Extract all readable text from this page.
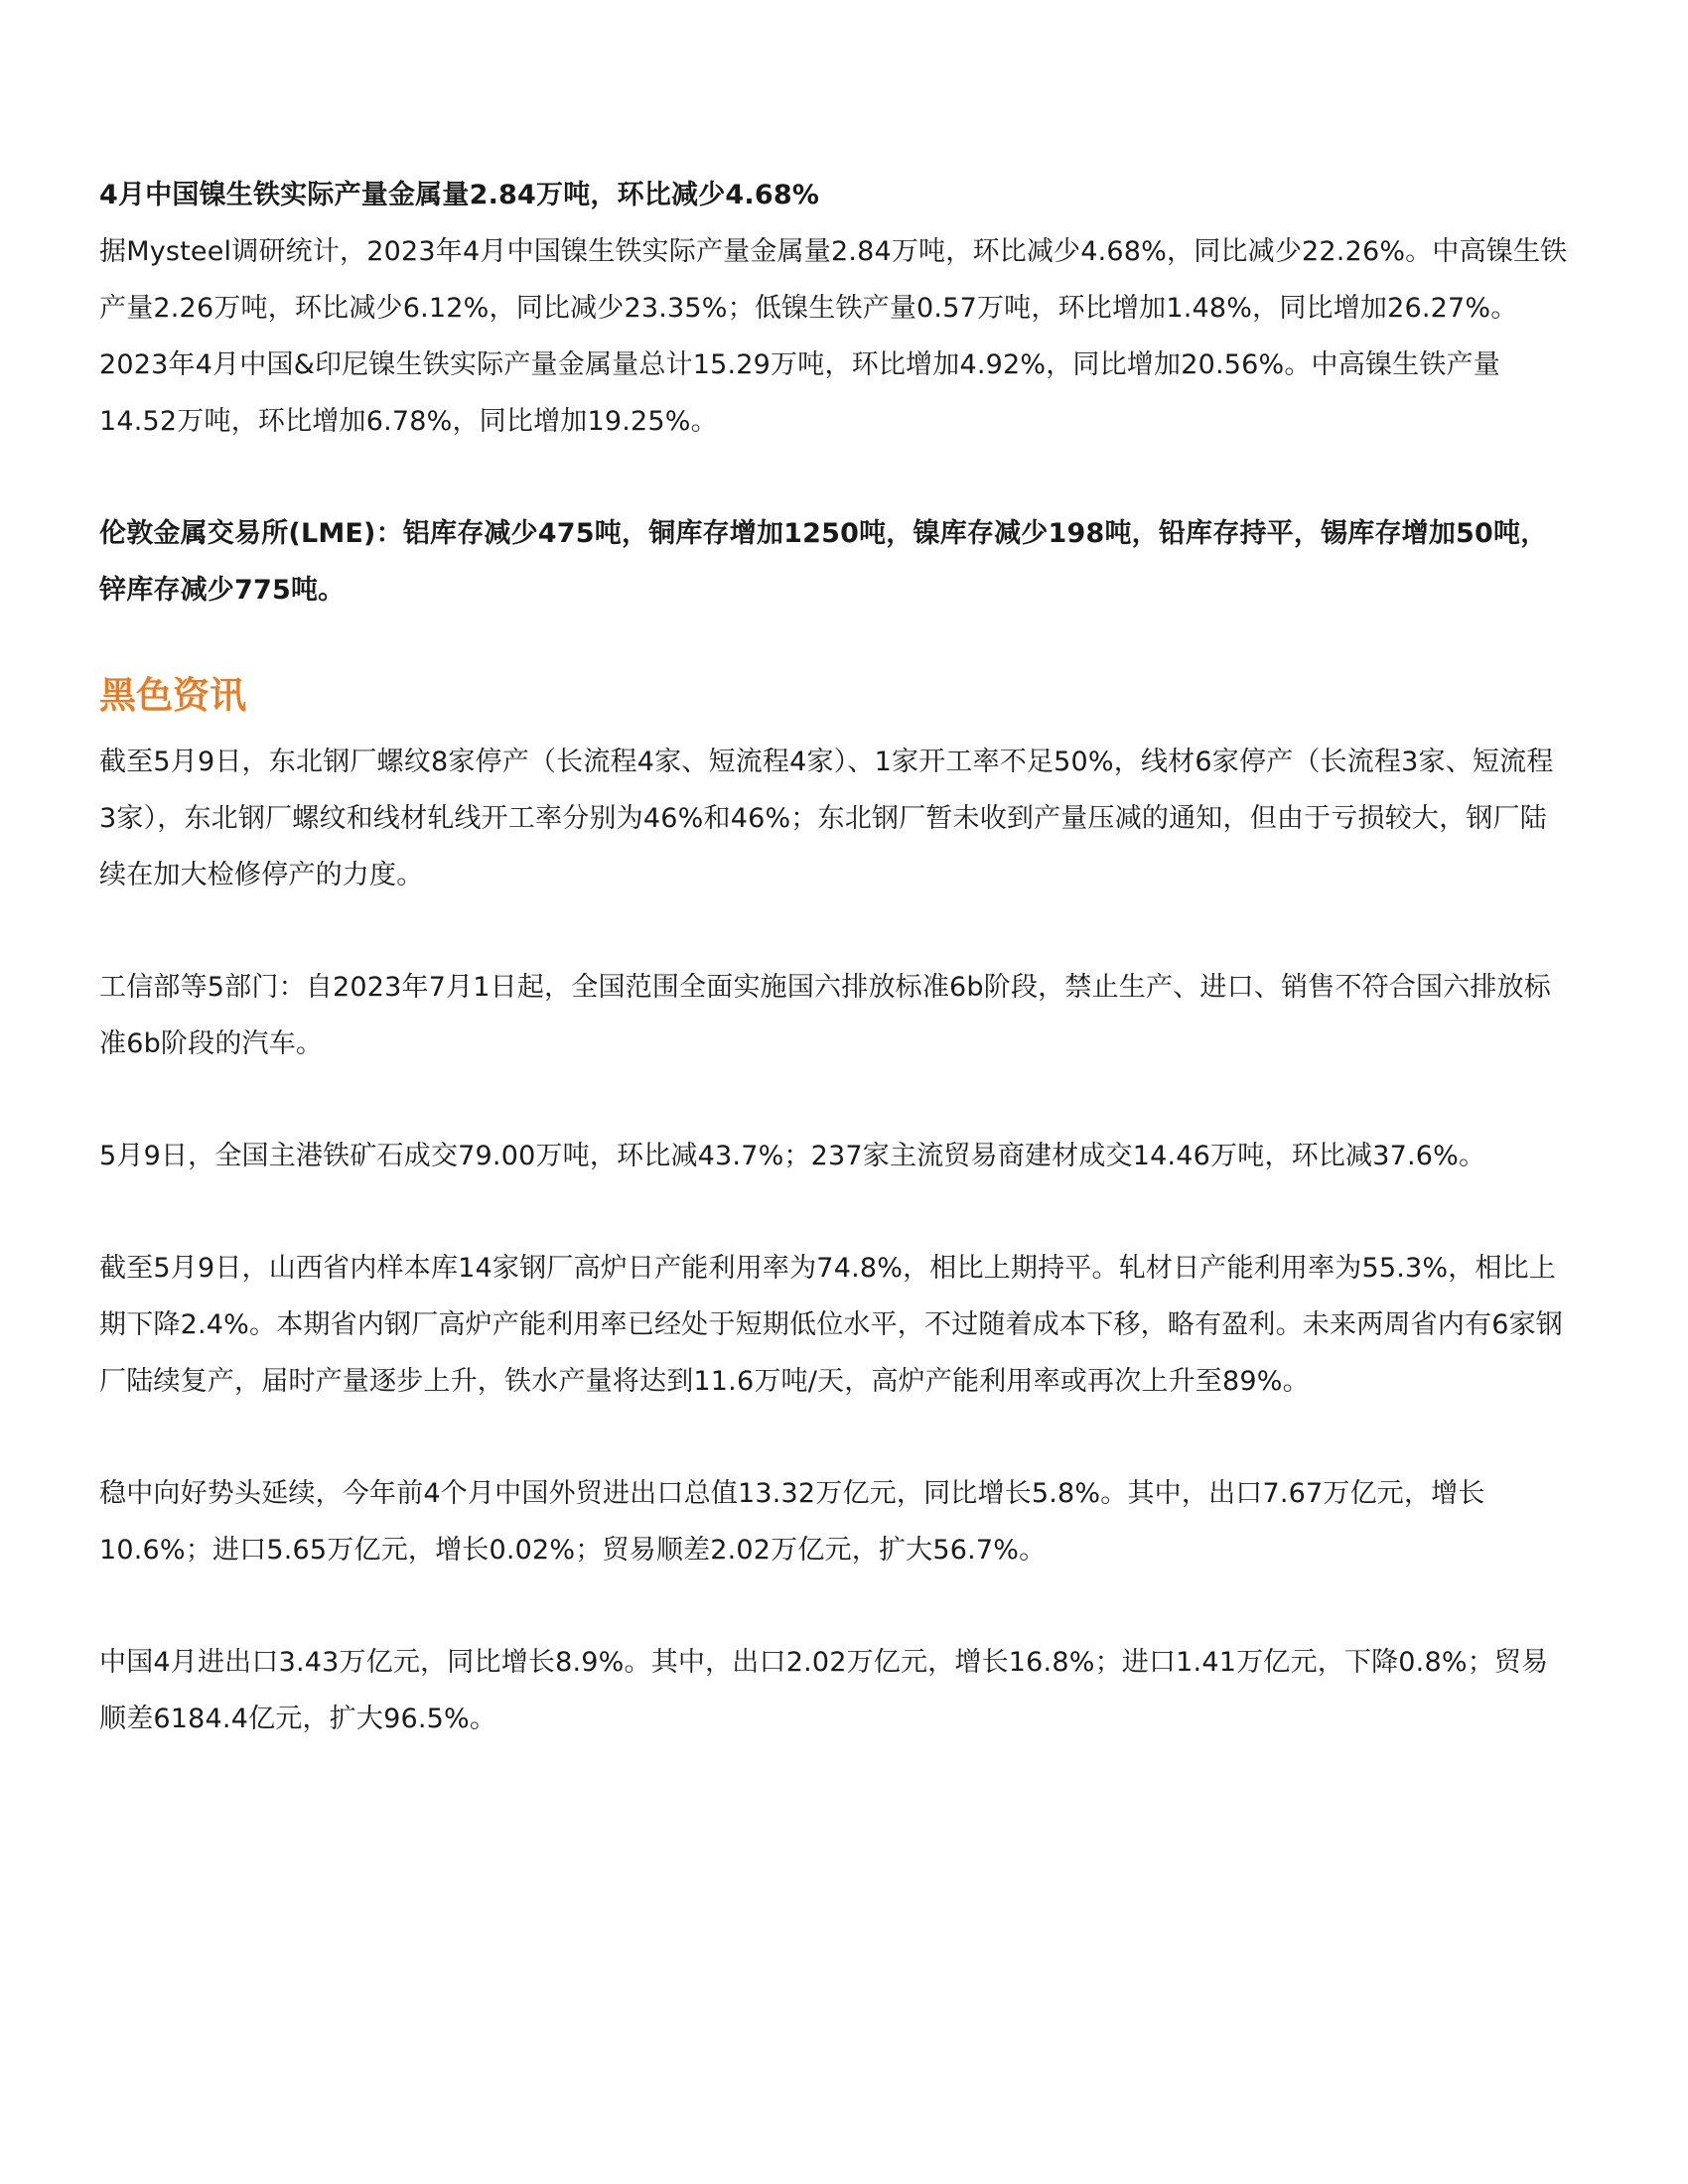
4月中国镍生铁实际产量金属量2.84万吨，环比减少4.68%

据Mysteel调研统计，2023年4月中国镍生铁实际产量金属量2.84万吨，环比减少4.68%，同比减少22.26%。中高镍生铁产量2.26万吨，环比减少6.12%，同比减少23.35%；低镍生铁产量0.57万吨，环比增加1.48%，同比增加26.27%。2023年4月中国&印尼镍生铁实际产量金属量总计15.29万吨，环比增加4.92%，同比增加20.56%。中高镍生铁产量14.52万吨，环比增加6.78%，同比增加19.25%。

伦敦金属交易所(LME)：铝库存减少475吨，铜库存增加1250吨，镍库存减少198吨，铅库存持平，锡库存增加50吨，锌库存减少775吨。

黑色资讯

截至5月9日，东北钢厂螺纹8家停产（长流程4家、短流程4家）、1家开工率不足50%，线材6家停产（长流程3家、短流程3家），东北钢厂螺纹和线材轧线开工率分别为46%和46%；东北钢厂暂未收到产量压减的通知，但由于亏损较大，钢厂陆续在加大检修停产的力度。

工信部等5部门：自2023年7月1日起，全国范围全面实施国六排放标准6b阶段，禁止生产、进口、销售不符合国六排放标准6b阶段的汽车。

5月9日，全国主港铁矿石成交79.00万吨，环比减43.7%；237家主流贸易商建材成交14.46万吨，环比减37.6%。

截至5月9日，山西省内样本库14家钢厂高炉日产能利用率为74.8%，相比上期持平。轧材日产能利用率为55.3%，相比上期下降2.4%。本期省内钢厂高炉产能利用率已经处于短期低位水平，不过随着成本下移，略有盈利。未来两周省内有6家钢厂陆续复产，届时产量逐步上升，铁水产量将达到11.6万吨/天，高炉产能利用率或再次上升至89%。

稳中向好势头延续，今年前4个月中国外贸进出口总值13.32万亿元，同比增长5.8%。其中，出口7.67万亿元，增长10.6%；进口5.65万亿元，增长0.02%；贸易顺差2.02万亿元，扩大56.7%。

中国4月进出口3.43万亿元，同比增长8.9%。其中，出口2.02万亿元，增长16.8%；进口1.41万亿元，下降0.8%；贸易顺差6184.4亿元，扩大96.5%。
